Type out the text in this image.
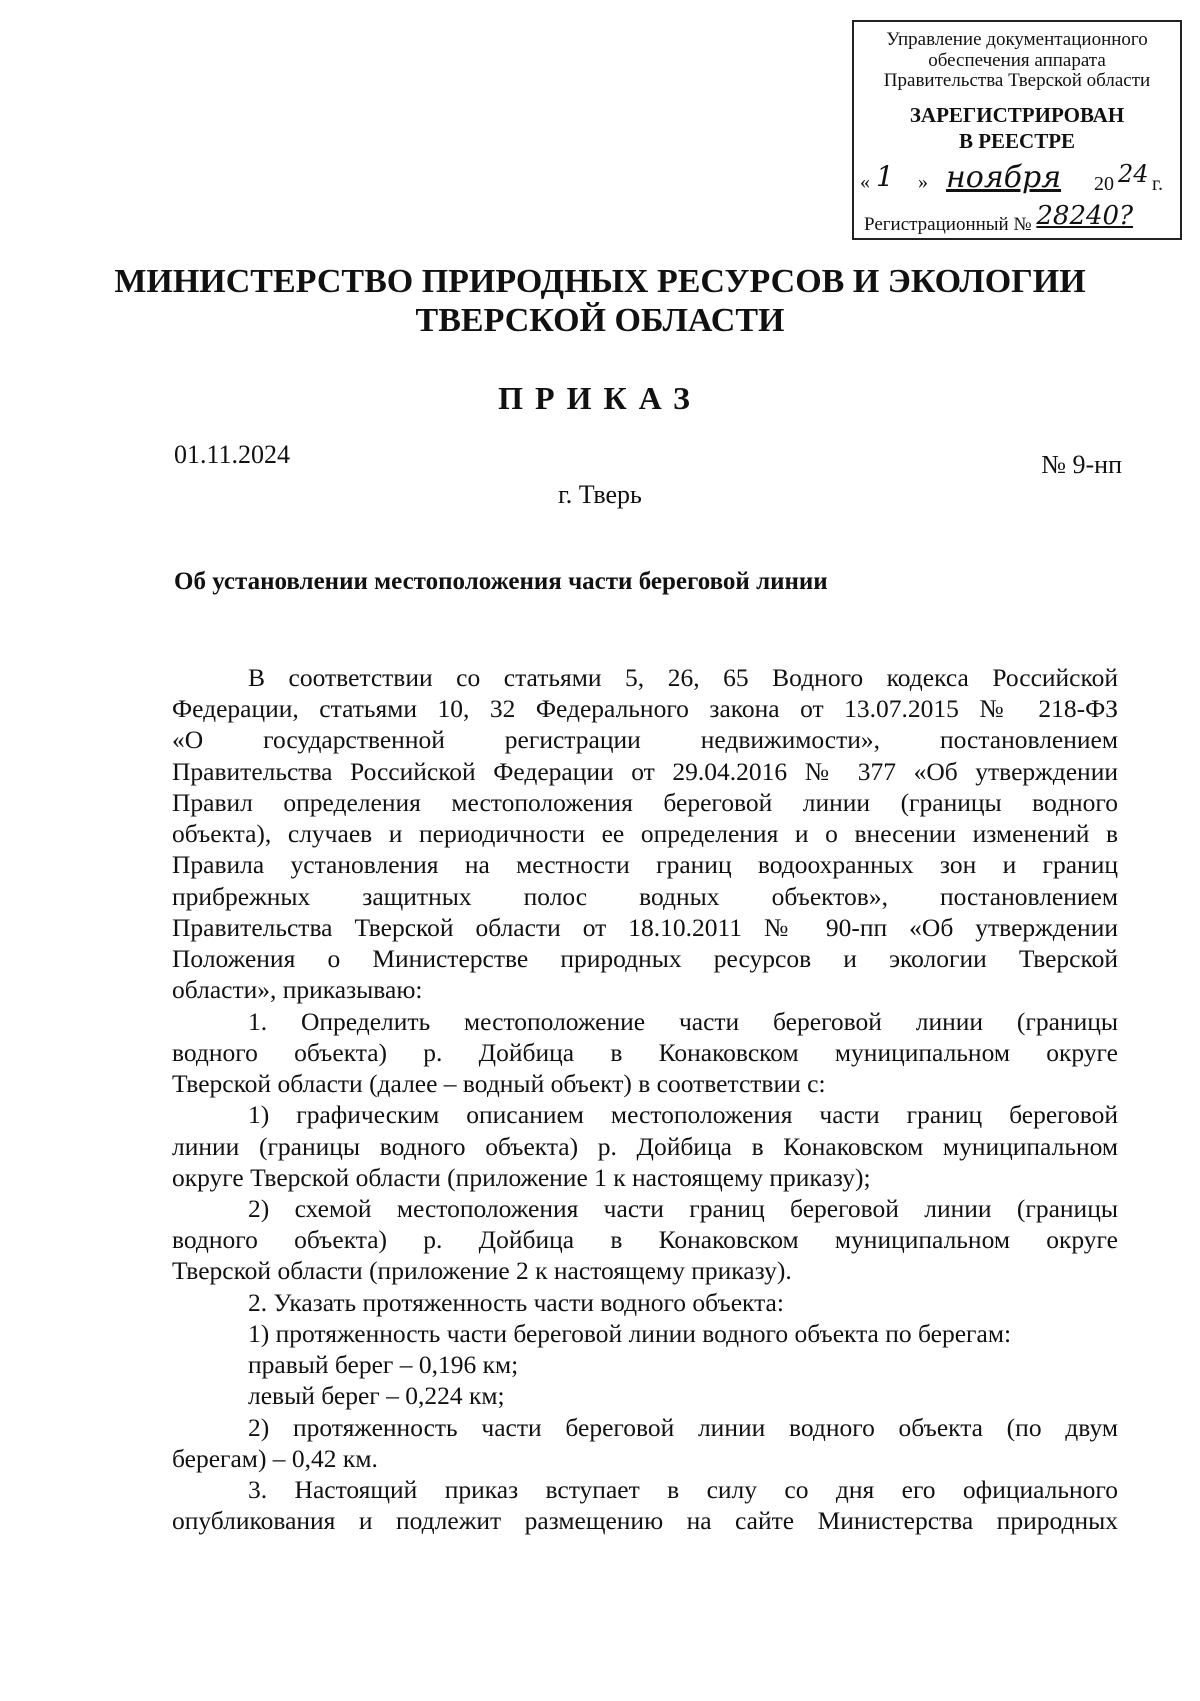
Управление документационного
обеспечения аппарата
Правительства Тверской области
ЗАРЕГИСТРИРОВАН
В РЕЕСТРЕ
« 1 » ноября 20 24 г.
Регистрационный № 28240?
МИНИСТЕРСТВО ПРИРОДНЫХ РЕСУРСОВ И ЭКОЛОГИИ
ТВЕРСКОЙ ОБЛАСТИ
ПРИКАЗ
01.11.2024	№ 9-нп
г. Тверь
Об установлении местоположения части береговой линии
В соответствии со статьями 5, 26, 65 Водного кодекса Российской
Федерации, статьями 10, 32 Федерального закона от 13.07.2015 № 218-ФЗ
«О государственной регистрации недвижимости», постановлением
Правительства Российской Федерации от 29.04.2016 № 377 «Об утверждении
Правил определения местоположения береговой линии (границы водного
объекта), случаев и периодичности ее определения и о внесении изменений в
Правила установления на местности границ водоохранных зон и границ
прибрежных защитных полос водных объектов», постановлением
Правительства Тверской области от 18.10.2011 № 90-пп «Об утверждении
Положения о Министерстве природных ресурсов и экологии Тверской
области», приказываю:
1. Определить местоположение части береговой линии (границы
водного объекта) р. Дойбица в Конаковском муниципальном округе
Тверской области (далее – водный объект) в соответствии с:
1) графическим описанием местоположения части границ береговой
линии (границы водного объекта) р. Дойбица в Конаковском муниципальном
округе Тверской области (приложение 1 к настоящему приказу);
2) схемой местоположения части границ береговой линии (границы
водного объекта) р. Дойбица в Конаковском муниципальном округе
Тверской области (приложение 2 к настоящему приказу).
2. Указать протяженность части водного объекта:
1) протяженность части береговой линии водного объекта по берегам:
правый берег – 0,196 км;
левый берег – 0,224 км;
2) протяженность части береговой линии водного объекта (по двум
берегам) – 0,42 км.
3. Настоящий приказ вступает в силу со дня его официального
опубликования и подлежит размещению на сайте Министерства природных
